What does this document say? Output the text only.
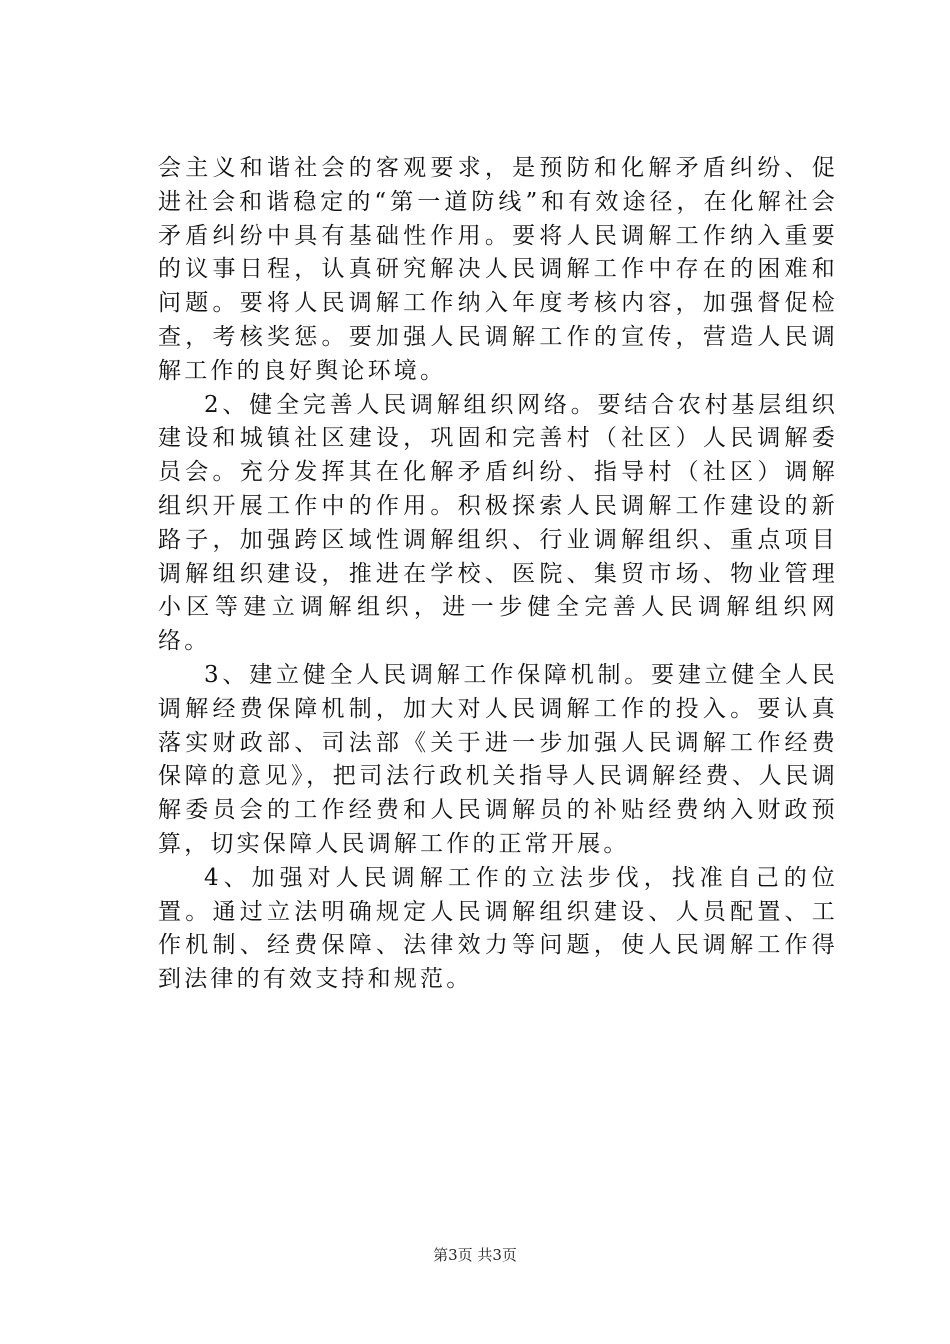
会主义和谐社会的客观要求，是预防和化解矛盾纠纷、促进社会和谐稳定的“第一道防线”和有效途径，在化解社会矛盾纠纷中具有基础性作用。要将人民调解工作纳入重要的议事日程，认真研究解决人民调解工作中存在的困难和问题。要将人民调解工作纳入年度考核内容，加强督促检查，考核奖惩。要加强人民调解工作的宣传，营造人民调解工作的良好舆论环境。

2、健全完善人民调解组织网络。要结合农村基层组织建设和城镇社区建设，巩固和完善村（社区）人民调解委员会。充分发挥其在化解矛盾纠纷、指导村（社区）调解组织开展工作中的作用。积极探索人民调解工作建设的新路子，加强跨区域性调解组织、行业调解组织、重点项目调解组织建设，推进在学校、医院、集贸市场、物业管理小区等建立调解组织，进一步健全完善人民调解组织网络。

3、建立健全人民调解工作保障机制。要建立健全人民调解经费保障机制，加大对人民调解工作的投入。要认真落实财政部、司法部《关于进一步加强人民调解工作经费保障的意见》，把司法行政机关指导人民调解经费、人民调解委员会的工作经费和人民调解员的补贴经费纳入财政预算，切实保障人民调解工作的正常开展。

4、加强对人民调解工作的立法步伐，找准自己的位置。通过立法明确规定人民调解组织建设、人员配置、工作机制、经费保障、法律效力等问题，使人民调解工作得到法律的有效支持和规范。

第3页 共3页
